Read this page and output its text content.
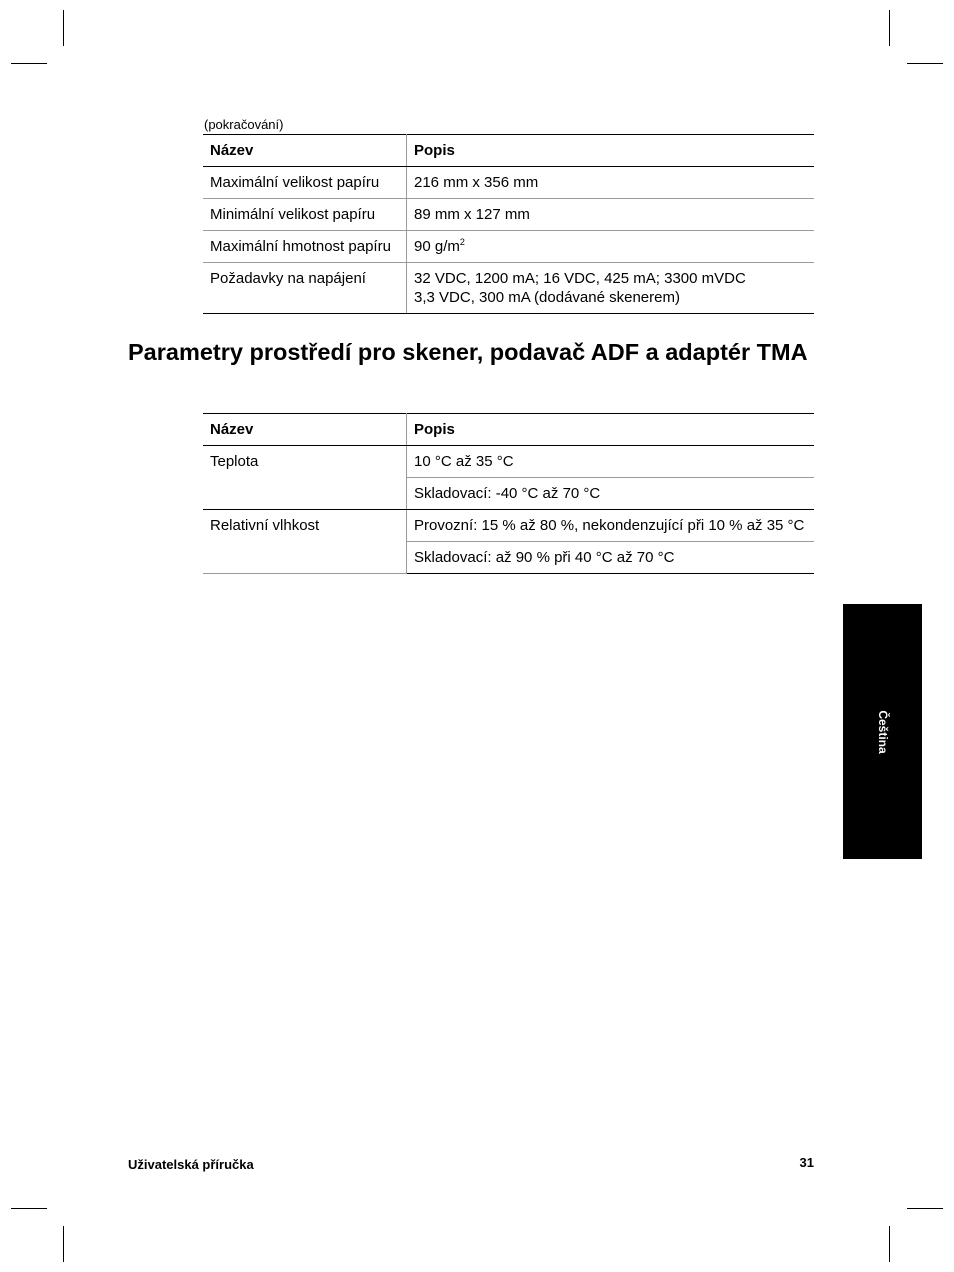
(pokračování)
Název	Popis
Maximální velikost papíru	216 mm x 356 mm
Minimální velikost papíru	89 mm x 127 mm
Maximální hmotnost papíru	90 $g/m^2$
Požadavky na napájení	32 VDC, 1200 mA; 16 VDC, 425 mA; 3300 mVDC
3,3 VDC, 300 mA (dodávané skenerem)
Parametry prostředí pro skener, podavač ADF a adaptér TMA
Název	Popis
Teplota	10 °C až 35 °C
	Skladovací: -40 °C až 70 °C
Relativní vlhkost	Provozní: 15 % až 80 %, nekondenzující při 10 % až 35 °C
	Skladovací: až 90 % při 40 °C až 70 °C
Čeština
Uživatelská příručka	31
